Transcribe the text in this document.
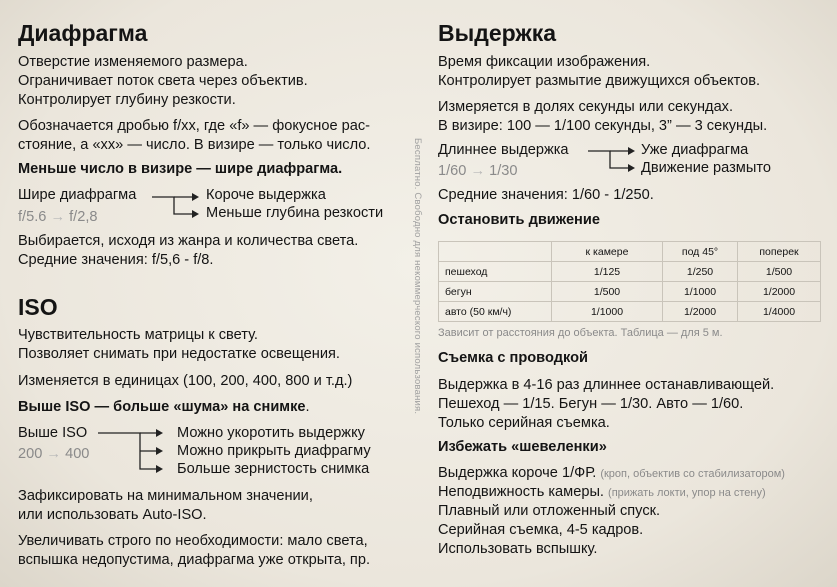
Диафрагма
Отверстие изменяемого размера.
Ограничивает поток света через объектив.
Контролирует глубину резкости.
Обозначается дробью f/xx, где «f» — фокусное рас-
стояние, а «xx» — число. В визире — только число.
Меньше число в визире — шире диафрагма.
Шире диафрагма
f/5.6 → f/2,8
Короче выдержка
Меньше глубина резкости
Выбирается, исходя из жанра и количества света.
Средние значения: f/5,6 - f/8.
ISO
Чувствительность матрицы к свету.
Позволяет снимать при недостатке освещения.
Изменяется в единицах (100, 200, 400, 800 и т.д.)
Выше ISO — больше «шума» на снимке.
Выше ISO
200 → 400
Можно укоротить выдержку
Можно прикрыть диафрагму
Больше зернистость снимка
Зафиксировать на минимальном значении,
или использовать Auto-ISO.
Увеличивать строго по необходимости: мало света,
вспышка недопустима, диафрагма уже открыта, пр.
Бесплатно. Свободно для некоммерческого использования.
Выдержка
Время фиксации изображения.
Контролирует размытие движущихся объектов.
Измеряется в долях секунды или секундах.
В визире: 100 — 1/100 секунды, 3” — 3 секунды.
Длиннее выдержка
1/60 → 1/30
Уже диафрагма
Движение размыто
Средние значения: 1/60 - 1/250.
Остановить движение
	к камере	под 45°	поперек
пешеход	1/125	1/250	1/500
бегун	1/500	1/1000	1/2000
авто (50 км/ч)	1/1000	1/2000	1/4000
Зависит от расстояния до объекта. Таблица — для 5 м.
Съемка с проводкой
Выдержка в 4-16 раз длиннее останавливающей.
Пешеход — 1/15. Бегун — 1/30. Авто — 1/60.
Только серийная съемка.
Избежать «шевеленки»
Выдержка короче 1/ФР. (кроп, объектив со стабилизатором)
Неподвижность камеры. (прижать локти, упор на стену)
Плавный или отложенный спуск.
Серийная съемка, 4-5 кадров.
Использовать вспышку.
